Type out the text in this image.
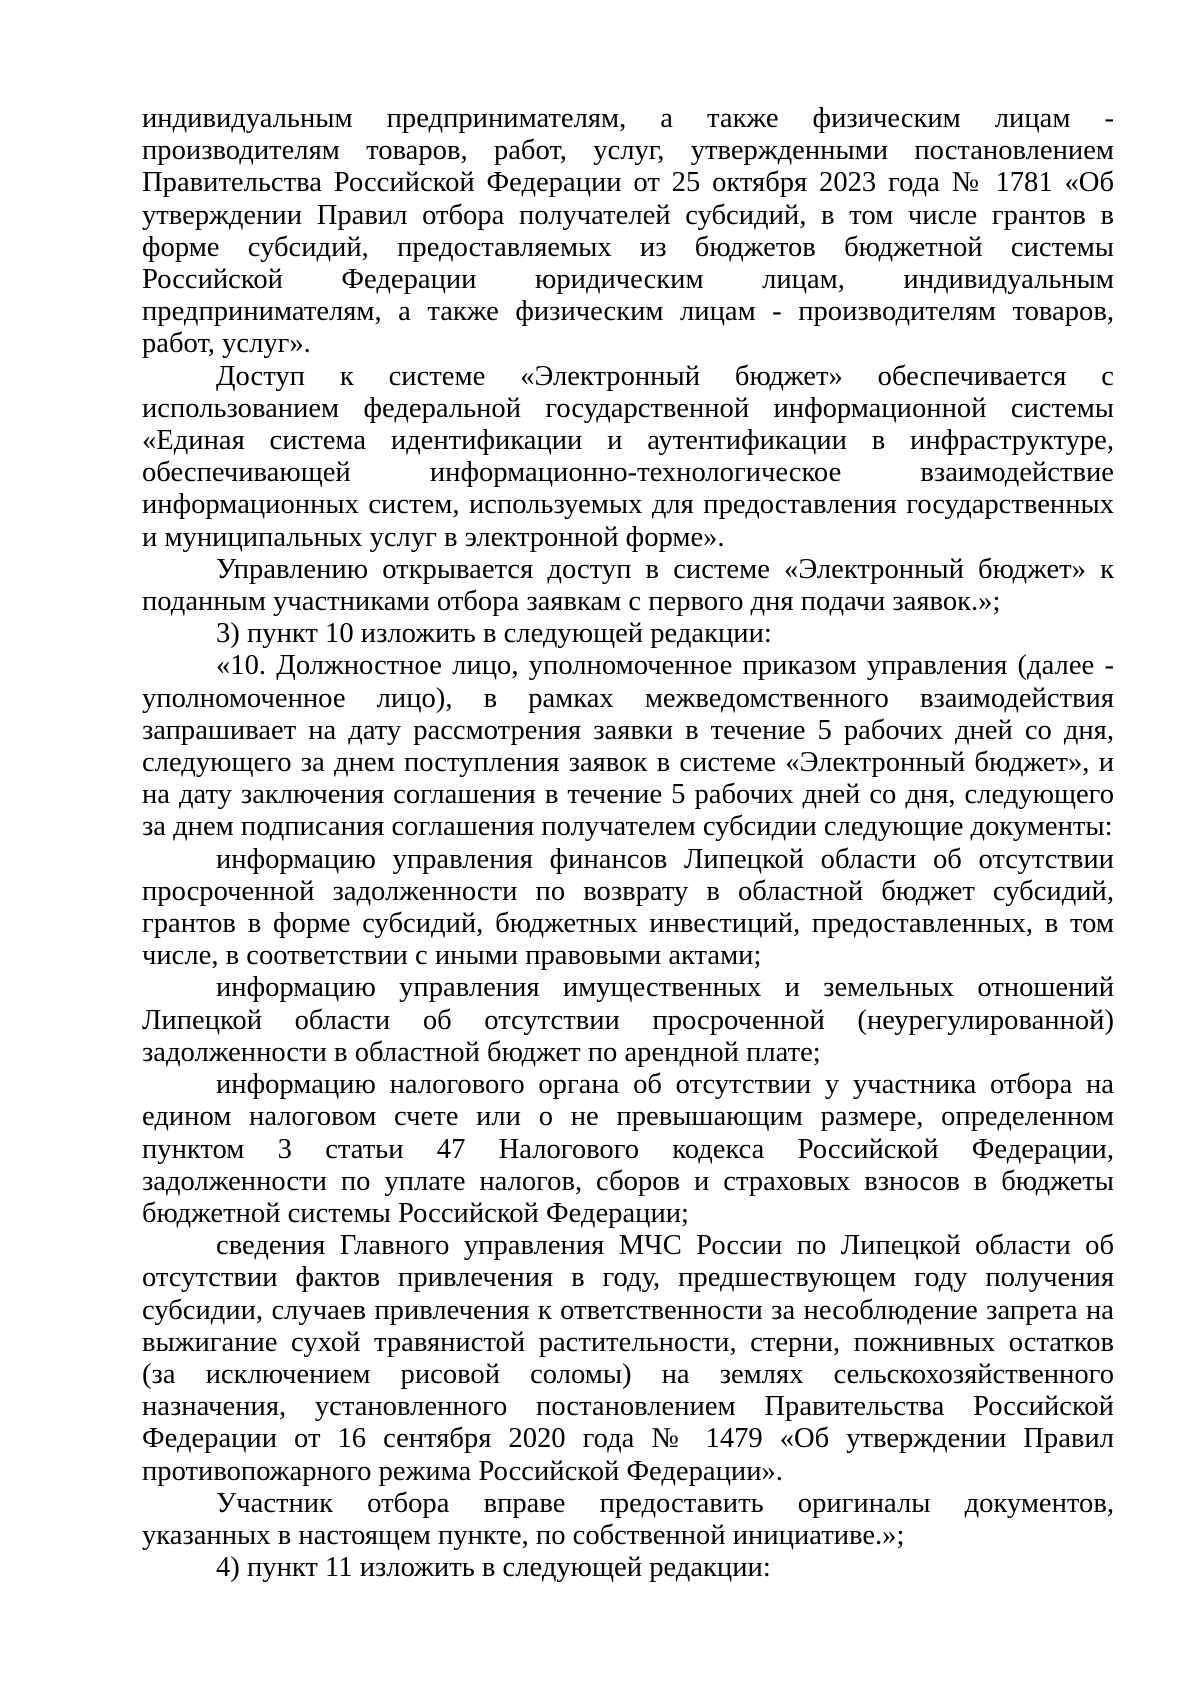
индивидуальным предпринимателям, а также физическим лицам - производителям товаров, работ, услуг, утвержденными постановлением Правительства Российской Федерации от 25 октября 2023 года № 1781 «Об утверждении Правил отбора получателей субсидий, в том числе грантов в форме субсидий, предоставляемых из бюджетов бюджетной системы Российской Федерации юридическим лицам, индивидуальным предпринимателям, а также физическим лицам - производителям товаров, работ, услуг».

Доступ к системе «Электронный бюджет» обеспечивается с использованием федеральной государственной информационной системы «Единая система идентификации и аутентификации в инфраструктуре, обеспечивающей информационно-технологическое взаимодействие информационных систем, используемых для предоставления государственных и муниципальных услуг в электронной форме».

Управлению открывается доступ в системе «Электронный бюджет» к поданным участниками отбора заявкам с первого дня подачи заявок.»;

3) пункт 10 изложить в следующей редакции:

«10. Должностное лицо, уполномоченное приказом управления (далее - уполномоченное лицо), в рамках межведомственного взаимодействия запрашивает на дату рассмотрения заявки в течение 5 рабочих дней со дня, следующего за днем поступления заявок в системе «Электронный бюджет», и на дату заключения соглашения в течение 5 рабочих дней со дня, следующего за днем подписания соглашения получателем субсидии следующие документы:

информацию управления финансов Липецкой области об отсутствии просроченной задолженности по возврату в областной бюджет субсидий, грантов в форме субсидий, бюджетных инвестиций, предоставленных, в том числе, в соответствии с иными правовыми актами;

информацию управления имущественных и земельных отношений Липецкой области об отсутствии просроченной (неурегулированной) задолженности в областной бюджет по арендной плате;

информацию налогового органа об отсутствии у участника отбора на едином налоговом счете или о не превышающим размере, определенном пунктом 3 статьи 47 Налогового кодекса Российской Федерации, задолженности по уплате налогов, сборов и страховых взносов в бюджеты бюджетной системы Российской Федерации;

сведения Главного управления МЧС России по Липецкой области об отсутствии фактов привлечения в году, предшествующем году получения субсидии, случаев привлечения к ответственности за несоблюдение запрета на выжигание сухой травянистой растительности, стерни, пожнивных остатков (за исключением рисовой соломы) на землях сельскохозяйственного назначения, установленного постановлением Правительства Российской Федерации от 16 сентября 2020 года № 1479 «Об утверждении Правил противопожарного режима Российской Федерации».

Участник отбора вправе предоставить оригиналы документов, указанных в настоящем пункте, по собственной инициативе.»;

4) пункт 11 изложить в следующей редакции:
